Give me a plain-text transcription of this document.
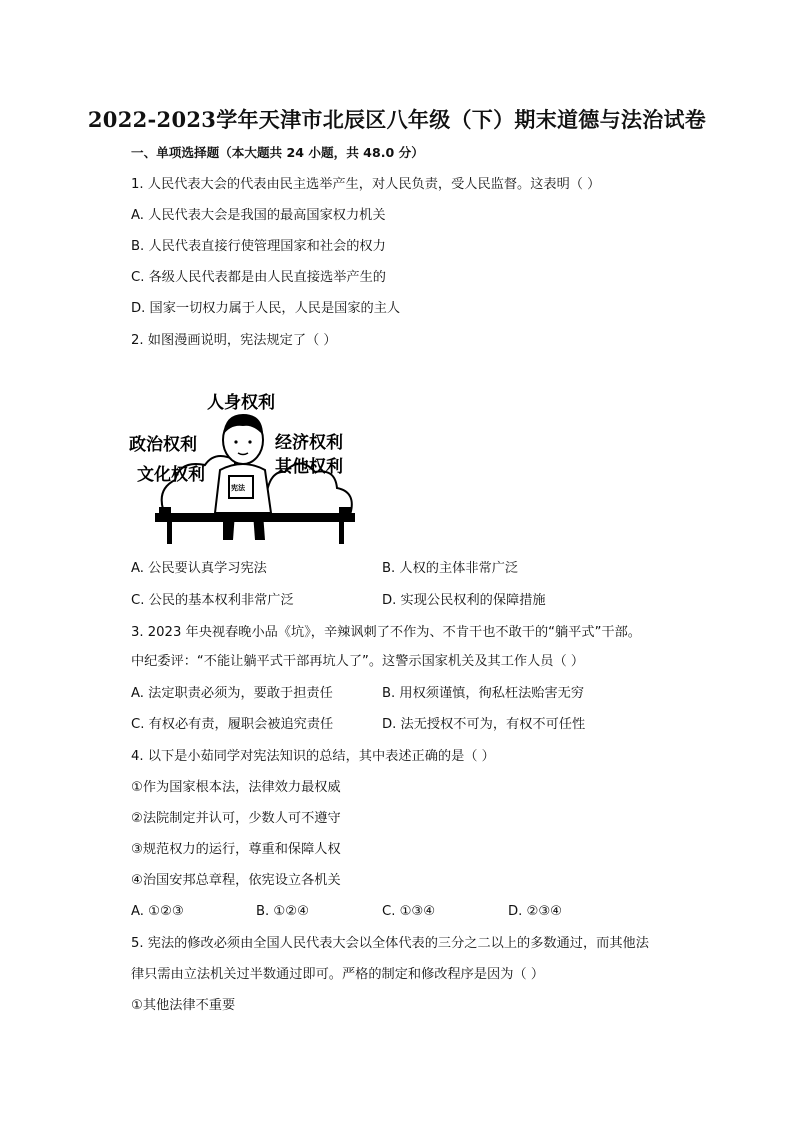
2022-2023学年天津市北辰区八年级（下）期末道德与法治试卷
一、单项选择题（本大题共 24 小题，共 48.0 分）
1. 人民代表大会的代表由民主选举产生，对人民负责，受人民监督。这表明（ ）
A. 人民代表大会是我国的最高国家权力机关
B. 人民代表直接行使管理国家和社会的权力
C. 各级人民代表都是由人民直接选举产生的
D. 国家一切权力属于人民，人民是国家的主人
2. 如图漫画说明，宪法规定了（ ）
人身权利
政治权利
文化权利
经济权利
其他权利
宪法
A. 公民要认真学习宪法	B. 人权的主体非常广泛
C. 公民的基本权利非常广泛	D. 实现公民权利的保障措施
3. 2023 年央视春晚小品《坑》，辛辣讽刺了不作为、不肯干也不敢干的“躺平式”干部。
中纪委评：“不能让躺平式干部再坑人了”。这警示国家机关及其工作人员（ ）
A. 法定职责必须为，要敢于担责任	B. 用权须谨慎，徇私枉法贻害无穷
C. 有权必有责，履职会被追究责任	D. 法无授权不可为，有权不可任性
4. 以下是小茹同学对宪法知识的总结，其中表述正确的是（ ）
①作为国家根本法，法律效力最权威
②法院制定并认可，少数人可不遵守
③规范权力的运行，尊重和保障人权
④治国安邦总章程，依宪设立各机关
A. ①②③	B. ①②④	C. ①③④	D. ②③④
5. 宪法的修改必须由全国人民代表大会以全体代表的三分之二以上的多数通过，而其他法
律只需由立法机关过半数通过即可。严格的制定和修改程序是因为（ ）
①其他法律不重要
